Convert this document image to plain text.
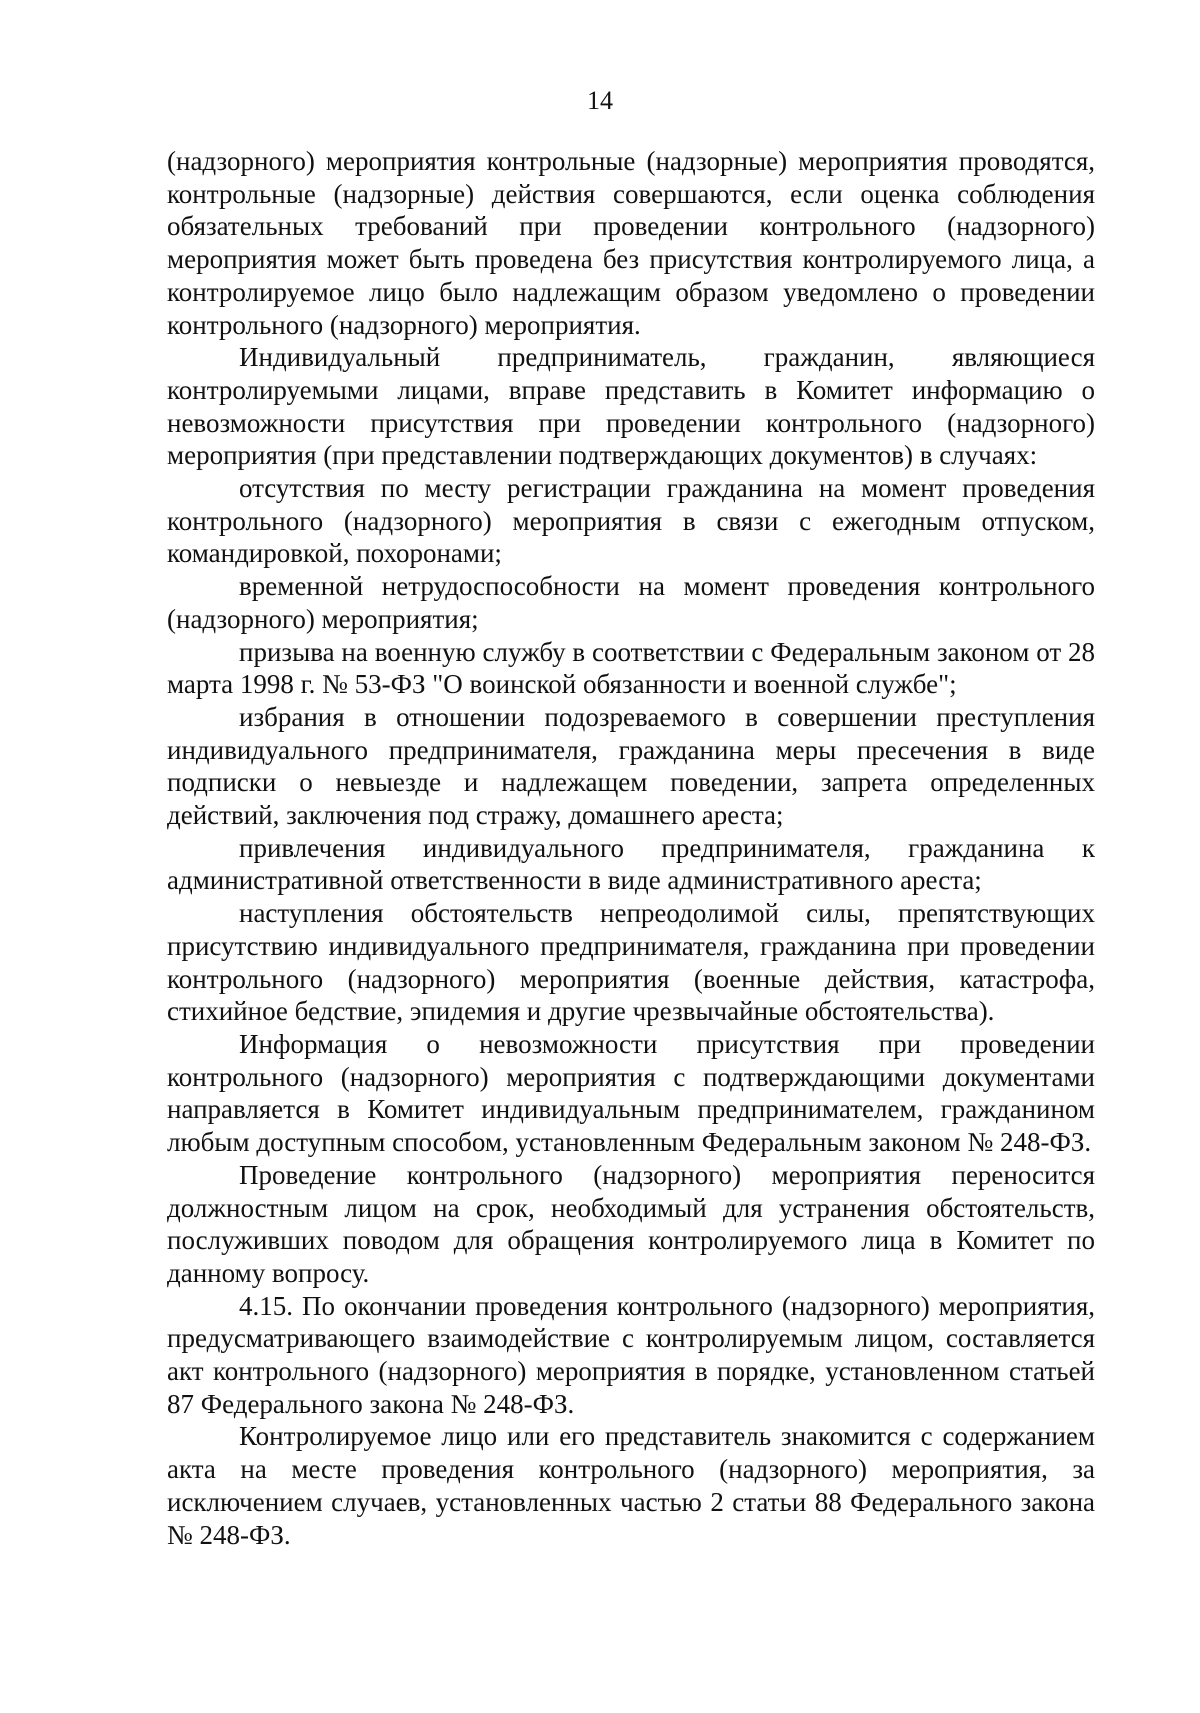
14

(надзорного) мероприятия контрольные (надзорные) мероприятия проводятся, контрольные (надзорные) действия совершаются, если оценка соблюдения обязательных требований при проведении контрольного (надзорного) мероприятия может быть проведена без присутствия контролируемого лица, а контролируемое лицо было надлежащим образом уведомлено о проведении контрольного (надзорного) мероприятия.

Индивидуальный предприниматель, гражданин, являющиеся контролируемыми лицами, вправе представить в Комитет информацию о невозможности присутствия при проведении контрольного (надзорного) мероприятия (при представлении подтверждающих документов) в случаях:

отсутствия по месту регистрации гражданина на момент проведения контрольного (надзорного) мероприятия в связи с ежегодным отпуском, командировкой, похоронами;

временной нетрудоспособности на момент проведения контрольного (надзорного) мероприятия;

призыва на военную службу в соответствии с Федеральным законом от 28 марта 1998 г. № 53-ФЗ "О воинской обязанности и военной службе";

избрания в отношении подозреваемого в совершении преступления индивидуального предпринимателя, гражданина меры пресечения в виде подписки о невыезде и надлежащем поведении, запрета определенных действий, заключения под стражу, домашнего ареста;

привлечения индивидуального предпринимателя, гражданина к административной ответственности в виде административного ареста;

наступления обстоятельств непреодолимой силы, препятствующих присутствию индивидуального предпринимателя, гражданина при проведении контрольного (надзорного) мероприятия (военные действия, катастрофа, стихийное бедствие, эпидемия и другие чрезвычайные обстоятельства).

Информация о невозможности присутствия при проведении контрольного (надзорного) мероприятия с подтверждающими документами направляется в Комитет индивидуальным предпринимателем, гражданином любым доступным способом, установленным Федеральным законом № 248-ФЗ.

Проведение контрольного (надзорного) мероприятия переносится должностным лицом на срок, необходимый для устранения обстоятельств, послуживших поводом для обращения контролируемого лица в Комитет по данному вопросу.

4.15. По окончании проведения контрольного (надзорного) мероприятия, предусматривающего взаимодействие с контролируемым лицом, составляется акт контрольного (надзорного) мероприятия в порядке, установленном статьей 87 Федерального закона № 248-ФЗ.

Контролируемое лицо или его представитель знакомится с содержанием акта на месте проведения контрольного (надзорного) мероприятия, за исключением случаев, установленных частью 2 статьи 88 Федерального закона № 248-ФЗ.
